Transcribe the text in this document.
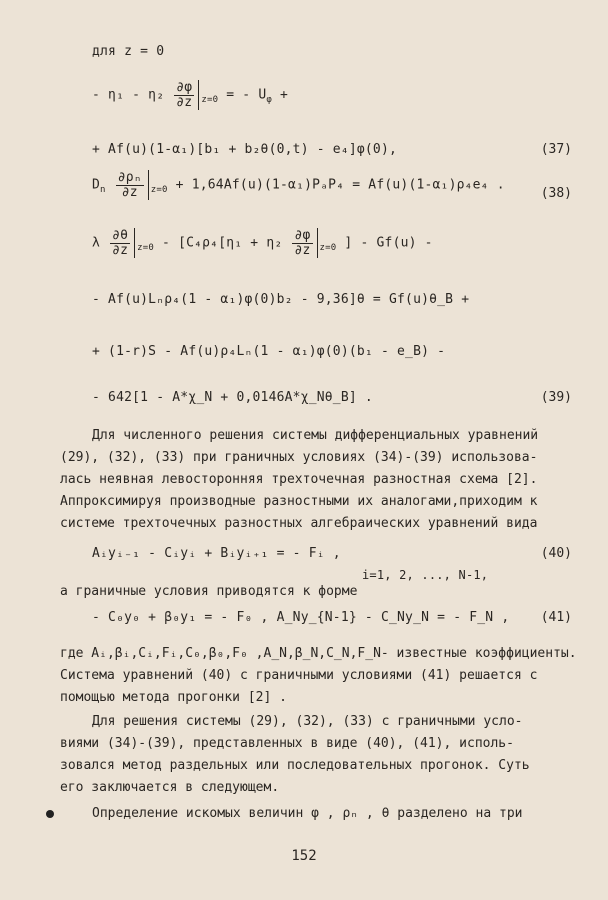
для z = 0
- $\eta_1 - \eta_2 \frac{\partial\varphi}{\partial z} _{z=0}$ = - $U_\varphi$ +
+ Af(u)(1-α₁)[b₁ + b₂θ(0,t) - e₄]φ(0),	(37)
$D_n \frac{\text{∂ρₙ}}{\partial z} _{z=0} + 1,64Af(u)(1-\alpha_1)P_aP_4 = Af(u)(1-\alpha_1)\rho_4e_4$ .
(38)
λ $\frac{\partial\theta}{\partial z} _{z=0} - [C_4\rho_4[\eta_1 + \eta_2 \frac{\partial\varphi}{\partial z} _{z=0}$ ] - Gf(u) -
- Af(u)Lₙρ₄(1 - α₁)φ(0)b₂ - 9,36]θ = Gf(u)θ_B +
+ (1-r)S - Af(u)ρ₄Lₙ(1 - α₁)φ(0)(b₁ - e_B) -
- 642[1 - A*χ_N + 0,0146A*χ_Nθ_B] .	(39)
Для численного решения системы дифференциальных уравнений
(29), (32), (33) при граничных условиях (34)-(39) использова-
лась неявная левосторонняя трехточечная разностная схема [2].
Аппроксимируя производные разностными их аналогами,приходим к
системе трехточечных разностных алгебраических уравнений вида
Aᵢyᵢ₋₁ - Cᵢyᵢ + Bᵢyᵢ₊₁ = - Fᵢ ,	(40)
i=1, 2, ..., N-1,
а граничные условия приводятся к форме
- C₀y₀ + β₀y₁ = - F₀ , A_Ny_{N-1} - C_Ny_N = - F_N , (41)
где Aᵢ,βᵢ,Cᵢ,Fᵢ,C₀,β₀,F₀ ,A_N,β_N,C_N,F_N- известные коэффициенты.
Система уравнений (40) с граничными условиями (41) решается с
помощью метода прогонки [2] .
Для решения системы (29), (32), (33) с граничными усло-
виями (34)-(39), представленных в виде (40), (41), исполь-
зовался метод раздельных или последовательных прогонок. Суть
его заключается в следующем.
Определение искомых величин φ , ρₙ , θ разделено на три
152
